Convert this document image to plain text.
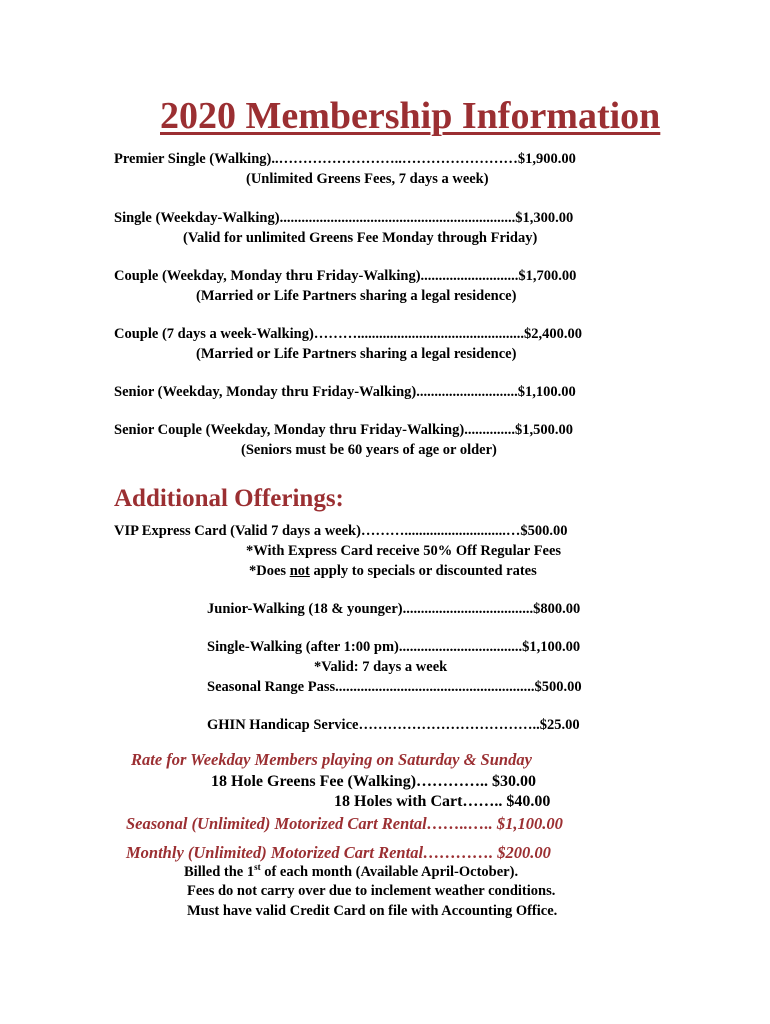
2020 Membership Information
Premier Single (Walking)..……………………..……………………$1,900.00
(Unlimited Greens Fees, 7 days a week)
Single (Weekday-Walking).................................................................$1,300.00
(Valid for unlimited Greens Fee Monday through Friday)
Couple (Weekday, Monday thru Friday-Walking)...........................$1,700.00
(Married or Life Partners sharing a legal residence)
Couple (7 days a week-Walking)………..............................................$2,400.00
(Married or Life Partners sharing a legal residence)
Senior (Weekday, Monday thru Friday-Walking)............................$1,100.00
Senior Couple (Weekday, Monday thru Friday-Walking)..............$1,500.00
(Seniors must be 60 years of age or older)
Additional Offerings:
VIP Express Card (Valid 7 days a week)………............................…$500.00
*With Express Card receive 50% Off Regular Fees
*Does not apply to specials or discounted rates
Junior-Walking (18 & younger)....................................$800.00
Single-Walking (after 1:00 pm)..................................$1,100.00
*Valid: 7 days a week
Seasonal Range Pass.......................................................$500.00
GHIN Handicap Service………………………………..$25.00
Rate for Weekday Members playing on Saturday & Sunday
18 Hole Greens Fee (Walking)………….. $30.00
18 Holes with Cart…….. $40.00
Seasonal (Unlimited) Motorized Cart Rental……..….. $1,100.00
Monthly (Unlimited) Motorized Cart Rental…………. $200.00
Billed the 1st of each month (Available April-October).
Fees do not carry over due to inclement weather conditions.
Must have valid Credit Card on file with Accounting Office.
